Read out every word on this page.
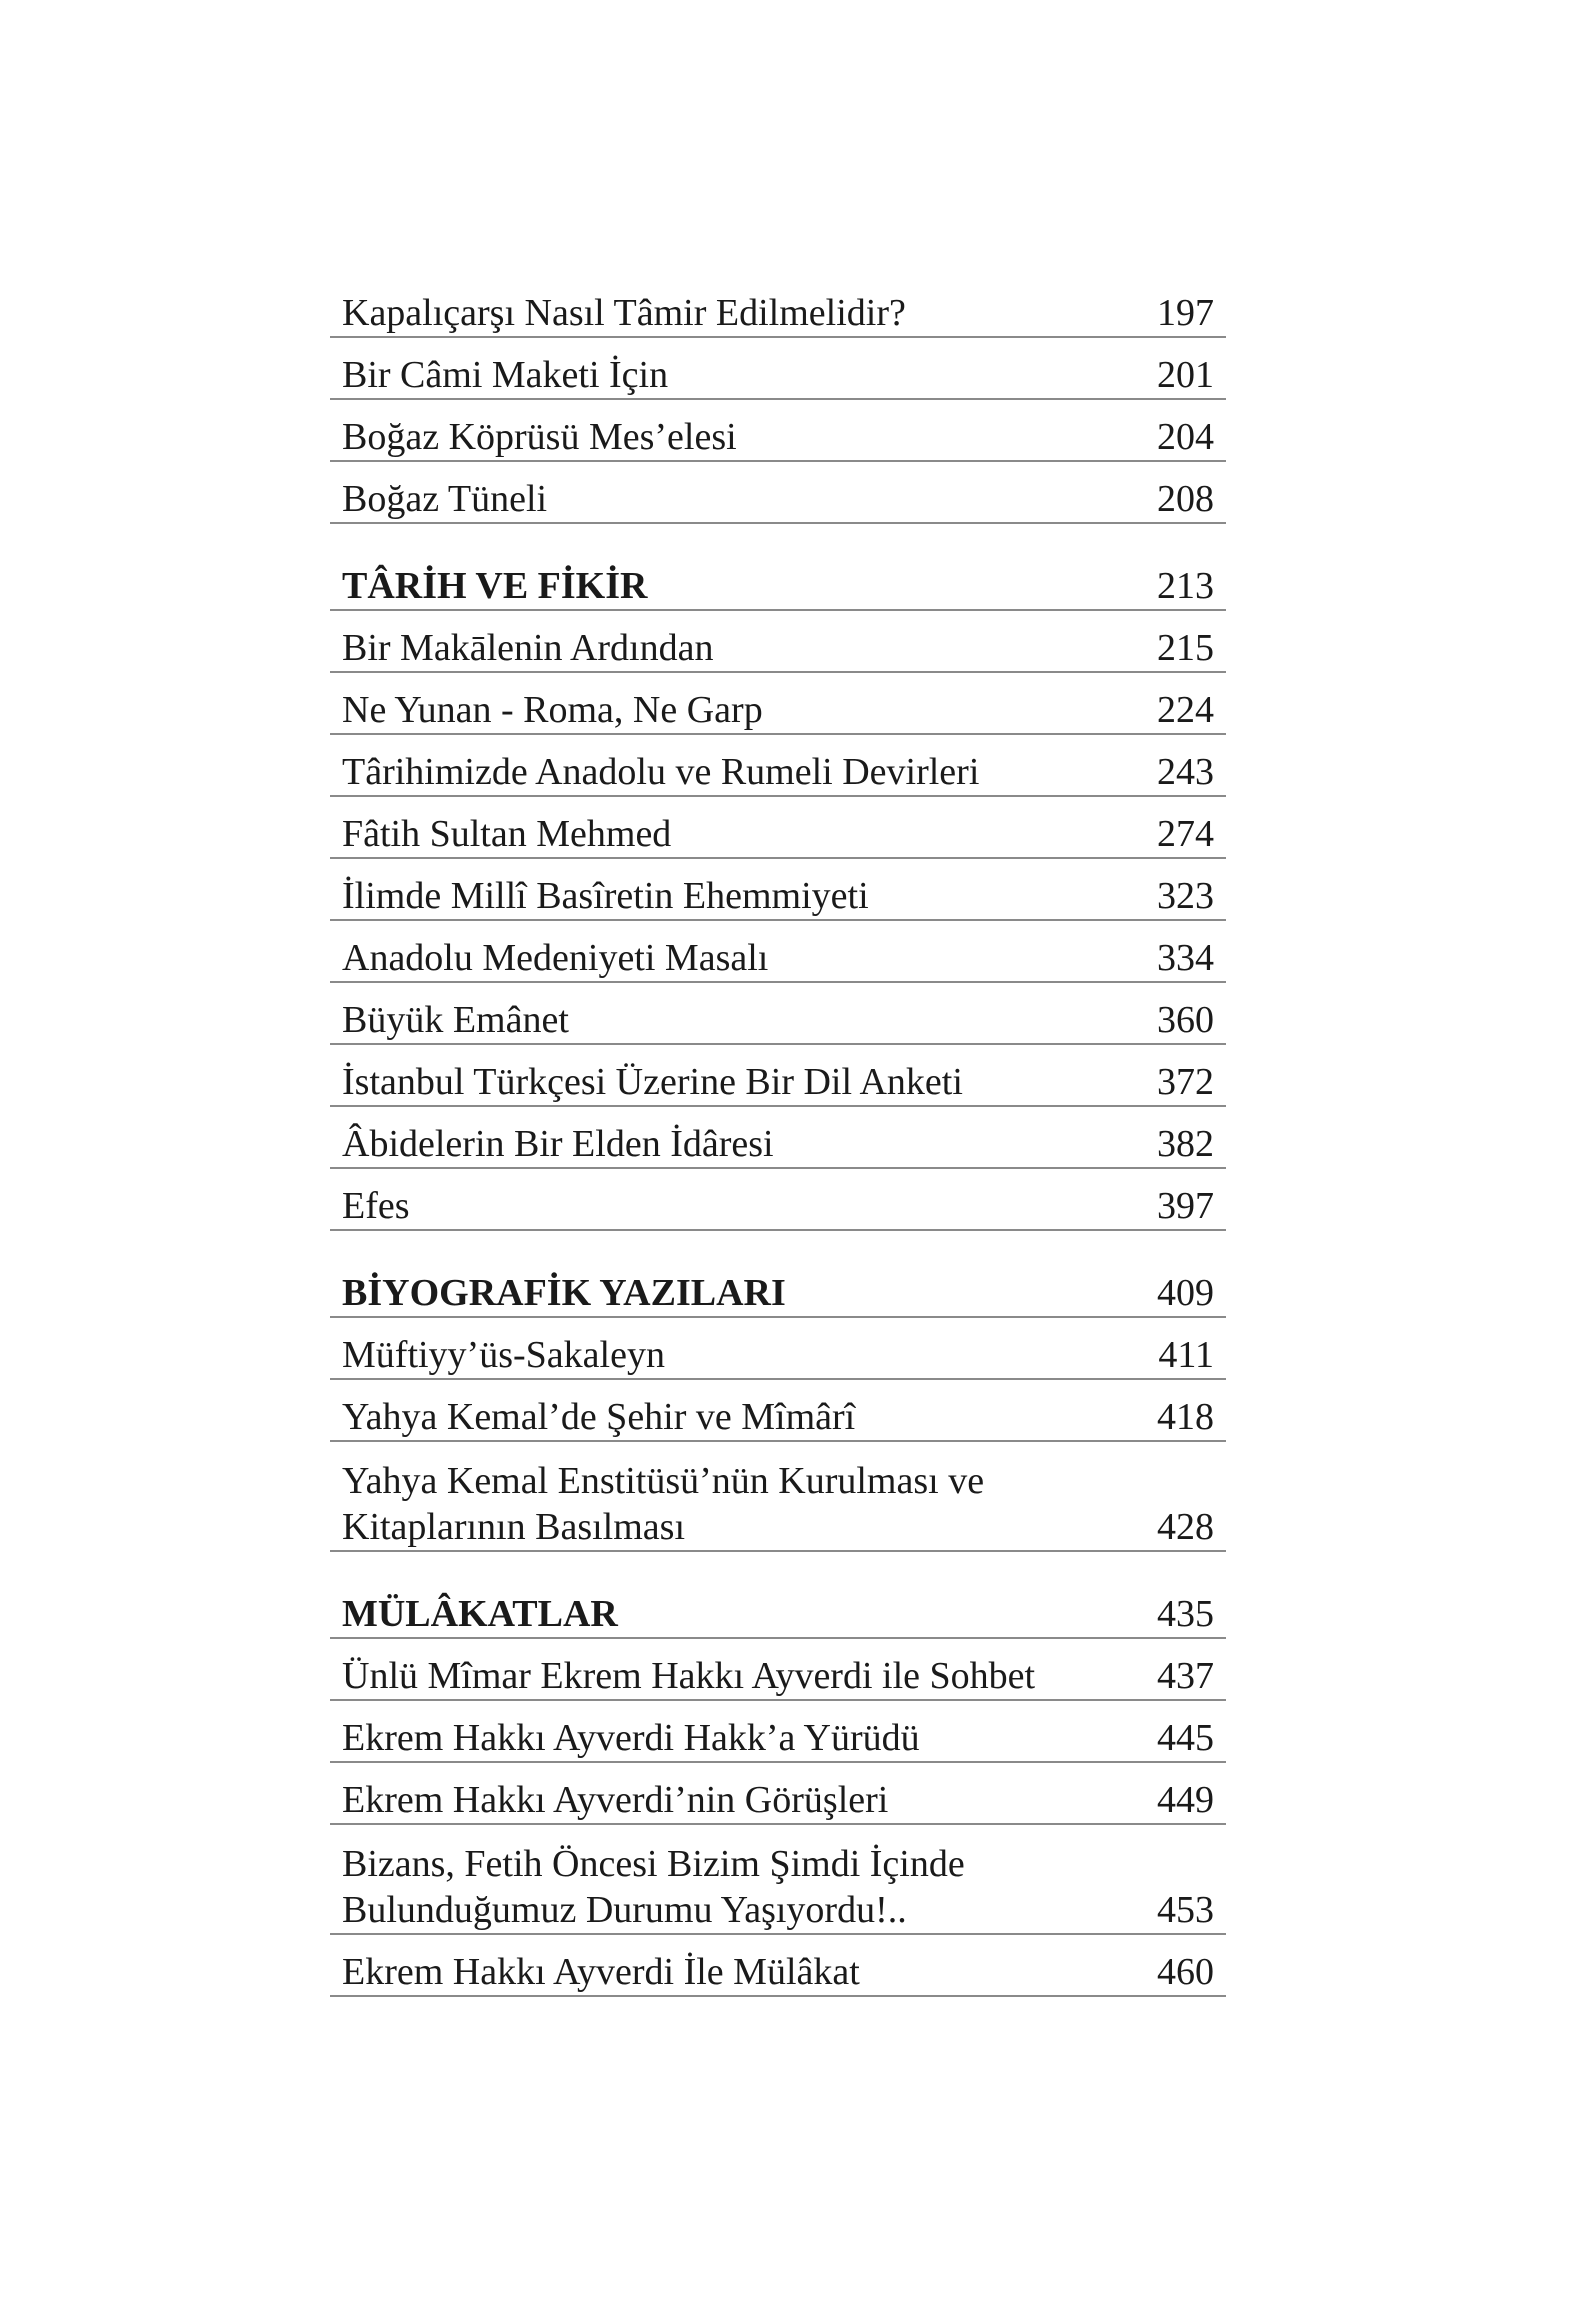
Kapalıçarşı Nasıl Tâmir Edilmelidir?	197
Bir Câmi Maketi İçin	201
Boğaz Köprüsü Mes’elesi	204
Boğaz Tüneli	208
TÂRİH VE FİKİR	213
Bir Makālenin Ardından	215
Ne Yunan - Roma, Ne Garp	224
Târihimizde Anadolu ve Rumeli Devirleri	243
Fâtih Sultan Mehmed	274
İlimde Millî Basîretin Ehemmiyeti	323
Anadolu Medeniyeti Masalı	334
Büyük Emânet	360
İstanbul Türkçesi Üzerine Bir Dil Anketi	372
Âbidelerin Bir Elden İdâresi	382
Efes	397
BİYOGRAFİK YAZILARI	409
Müftiyy’üs-Sakaleyn	411
Yahya Kemal’de Şehir ve Mîmârî	418
Yahya Kemal Enstitüsü’nün Kurulması ve
Kitaplarının Basılması	428
MÜLÂKATLAR	435
Ünlü Mîmar Ekrem Hakkı Ayverdi ile Sohbet	437
Ekrem Hakkı Ayverdi Hakk’a Yürüdü	445
Ekrem Hakkı Ayverdi’nin Görüşleri	449
Bizans, Fetih Öncesi Bizim Şimdi İçinde
Bulunduğumuz Durumu Yaşıyordu!..	453
Ekrem Hakkı Ayverdi İle Mülâkat	460
